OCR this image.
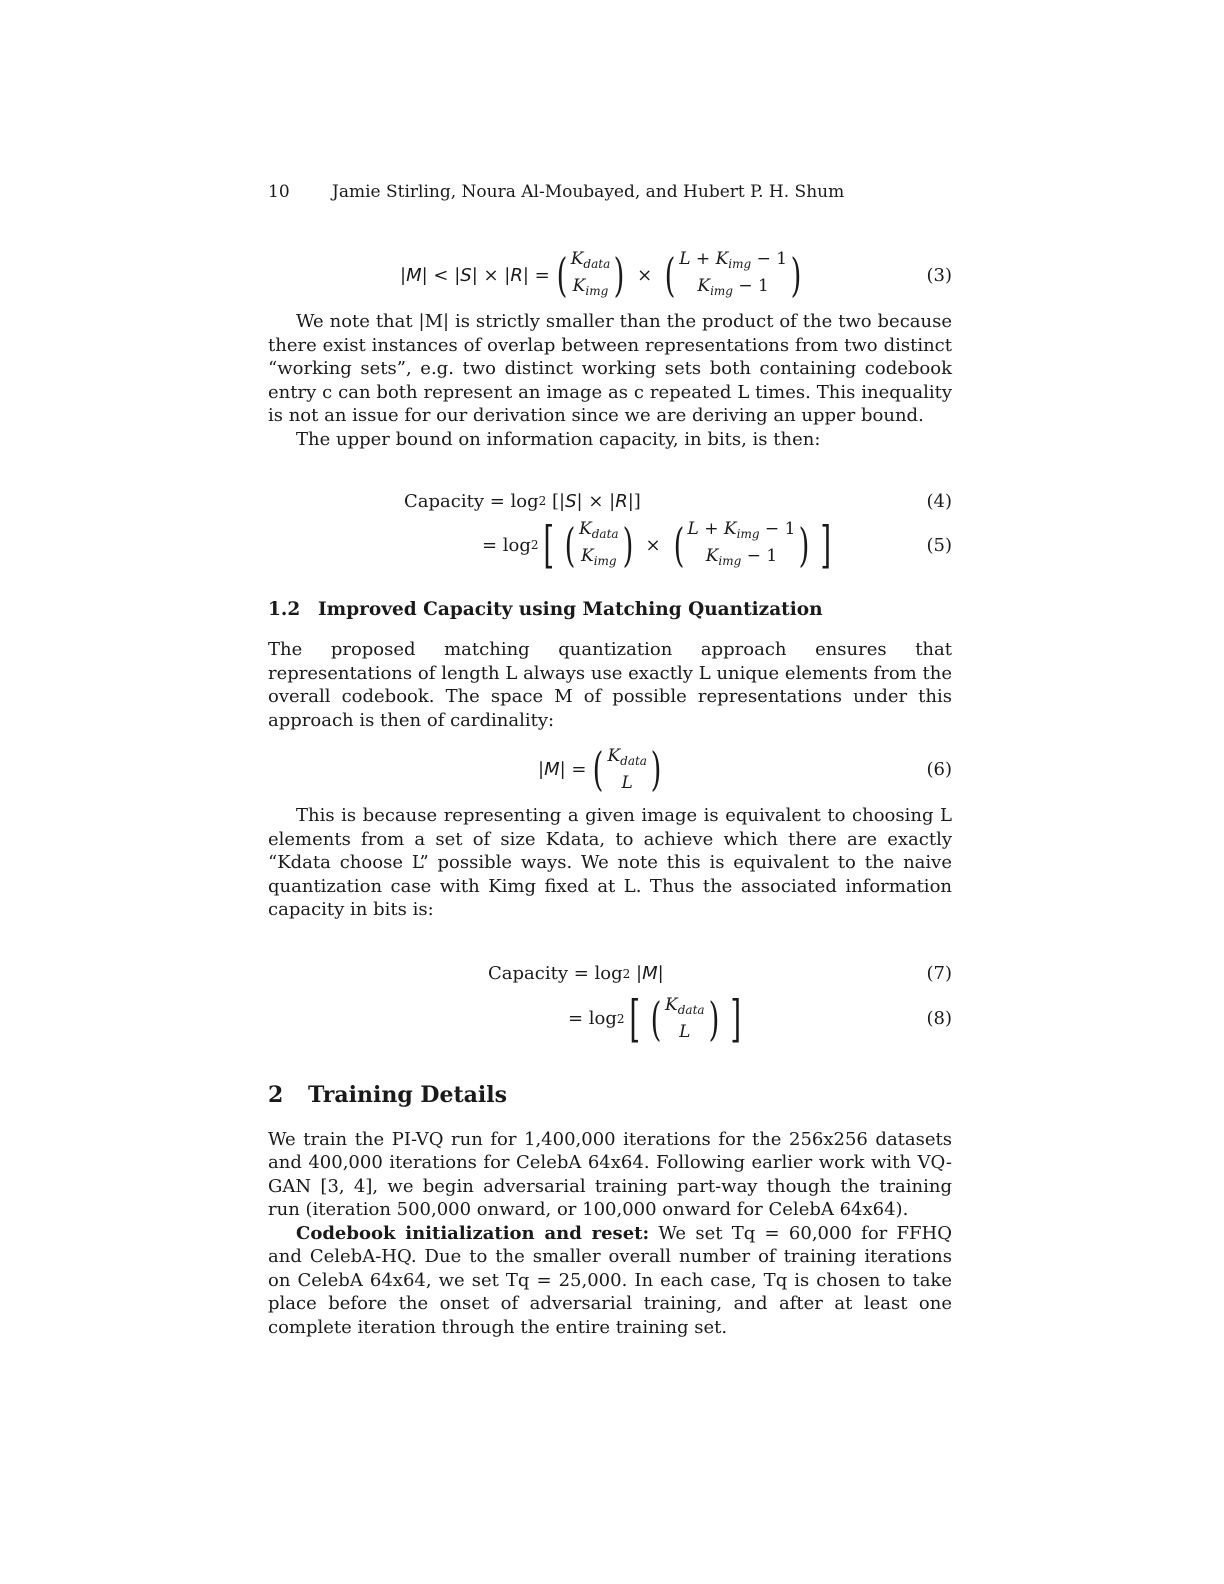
10	Jamie Stirling, Noura Al-Moubayed, and Hubert P. H. Shum
| M | < | S | × | R | = ( $K_{data}$
$K_{img}$ ) × ( $L + K_{img} - 1$
$K_{img} - 1$ )	(3)

We note that |M| is strictly smaller than the product of the two because there exist instances of overlap between representations from two distinct “working sets”, e.g. two distinct working sets both containing codebook entry c can both represent an image as c repeated L times. This inequality is not an issue for our derivation since we are deriving an upper bound.

The upper bound on information capacity, in bits, is then:

Capacity = log 2 [| S | × | R |]	(4)
= log 2 [ ( $K_{data}$
$K_{img}$ ) × ( $L + K_{img} - 1$
$K_{img} - 1$ ) ]	(5)
1.2 Improved Capacity using Matching Quantization

The proposed matching quantization approach ensures that representations of length L always use exactly L unique elements from the overall codebook. The space M of possible representations under this approach is then of cardinality:

| M | = ( $K_{data}$
L )	(6)

This is because representing a given image is equivalent to choosing L elements from a set of size Kdata, to achieve which there are exactly “Kdata choose L” possible ways. We note this is equivalent to the naive quantization case with Kimg fixed at L. Thus the associated information capacity in bits is:

Capacity = log 2 | M |	(7)
= log 2 [ ( $K_{data}$
L ) ]	(8)
2	Training Details

We train the PI-VQ run for 1,400,000 iterations for the 256x256 datasets and 400,000 iterations for CelebA 64x64. Following earlier work with VQ-GAN [3, 4], we begin adversarial training part-way though the training run (iteration 500,000 onward, or 100,000 onward for CelebA 64x64).

Codebook initialization and reset: We set Tq = 60,000 for FFHQ and CelebA-HQ. Due to the smaller overall number of training iterations on CelebA 64x64, we set Tq = 25,000. In each case, Tq is chosen to take place before the onset of adversarial training, and after at least one complete iteration through the entire training set.
